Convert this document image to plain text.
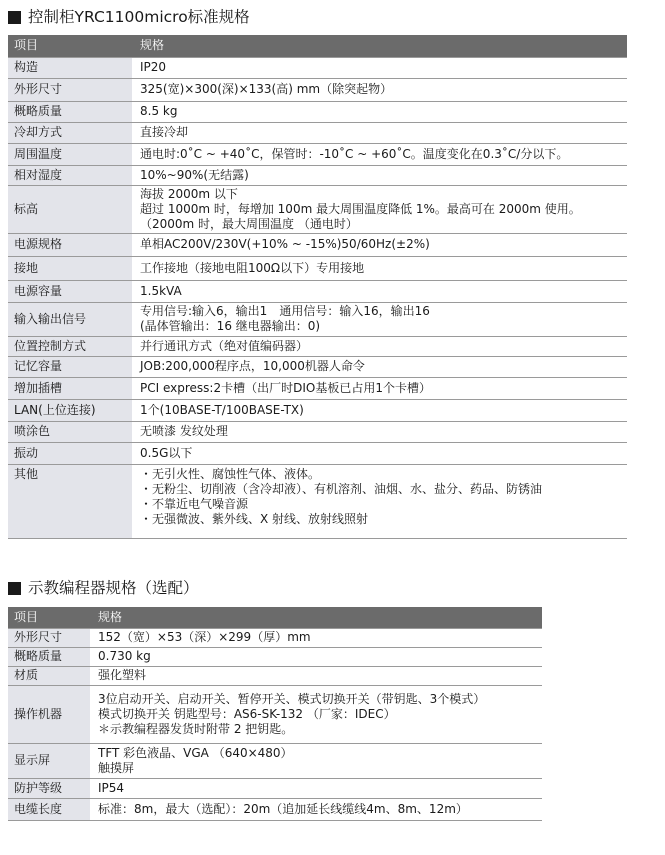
控制柜YRC1100micro标准规格
项目	规格
构造	IP20

外形尺寸	325(宽)×300(深)×133(高) mm（除突起物）

概略质量	8.5 kg

冷却方式	直接冷却

周围温度	通电时:0˚C ~ +40˚C，保管时：-10˚C ~ +60˚C。温度变化在0.3˚C/分以下。

相对湿度	10%~90%(无结露)

标高	海拔 2000m 以下
超过 1000m 时，每增加 100m 最大周围温度降低 1%。最高可在 2000m 使用。
（2000m 时，最大周围温度 （通电时）

电源规格	单相AC200V/230V(+10% ~ -15%)50/60Hz(±2%)

接地	工作接地（接地电阻100Ω以下）专用接地

电源容量	1.5kVA

输入输出信号	专用信号:输入6，输出1　通用信号：输入16，输出16
(晶体管输出：16 继电器输出：0)

位置控制方式	并行通讯方式（绝对值编码器）

记忆容量	JOB:200,000程序点，10,000机器人命令

增加插槽	PCI express:2卡槽（出厂时DIO基板已占用1个卡槽）

LAN(上位连接)	1个(10BASE-T/100BASE-TX)

喷涂色	无喷漆 发纹处理

振动	0.5G以下

其他	・无引火性、腐蚀性气体、液体。
・无粉尘、切削液（含冷却液）、有机溶剂、油烟、水、盐分、药品、防锈油
・不靠近电气噪音源
・无强微波、紫外线、X 射线、放射线照射
示教编程器规格（选配）
项目	规格
外形尺寸	152（宽）×53（深）×299（厚）mm

概略质量	0.730 kg

材质	强化塑料

操作机器	3位启动开关、启动开关、暂停开关、模式切换开关（带钥匙、3个模式）
模式切换开关 钥匙型号：AS6-SK-132 （厂家：IDEC）
＊示教编程器发货时附带 2 把钥匙。

显示屏	TFT 彩色液晶、VGA （640×480）
触摸屏

防护等级	IP54

电缆长度	标准：8m，最大（选配）：20m（追加延长线缆线4m、8m、12m）
